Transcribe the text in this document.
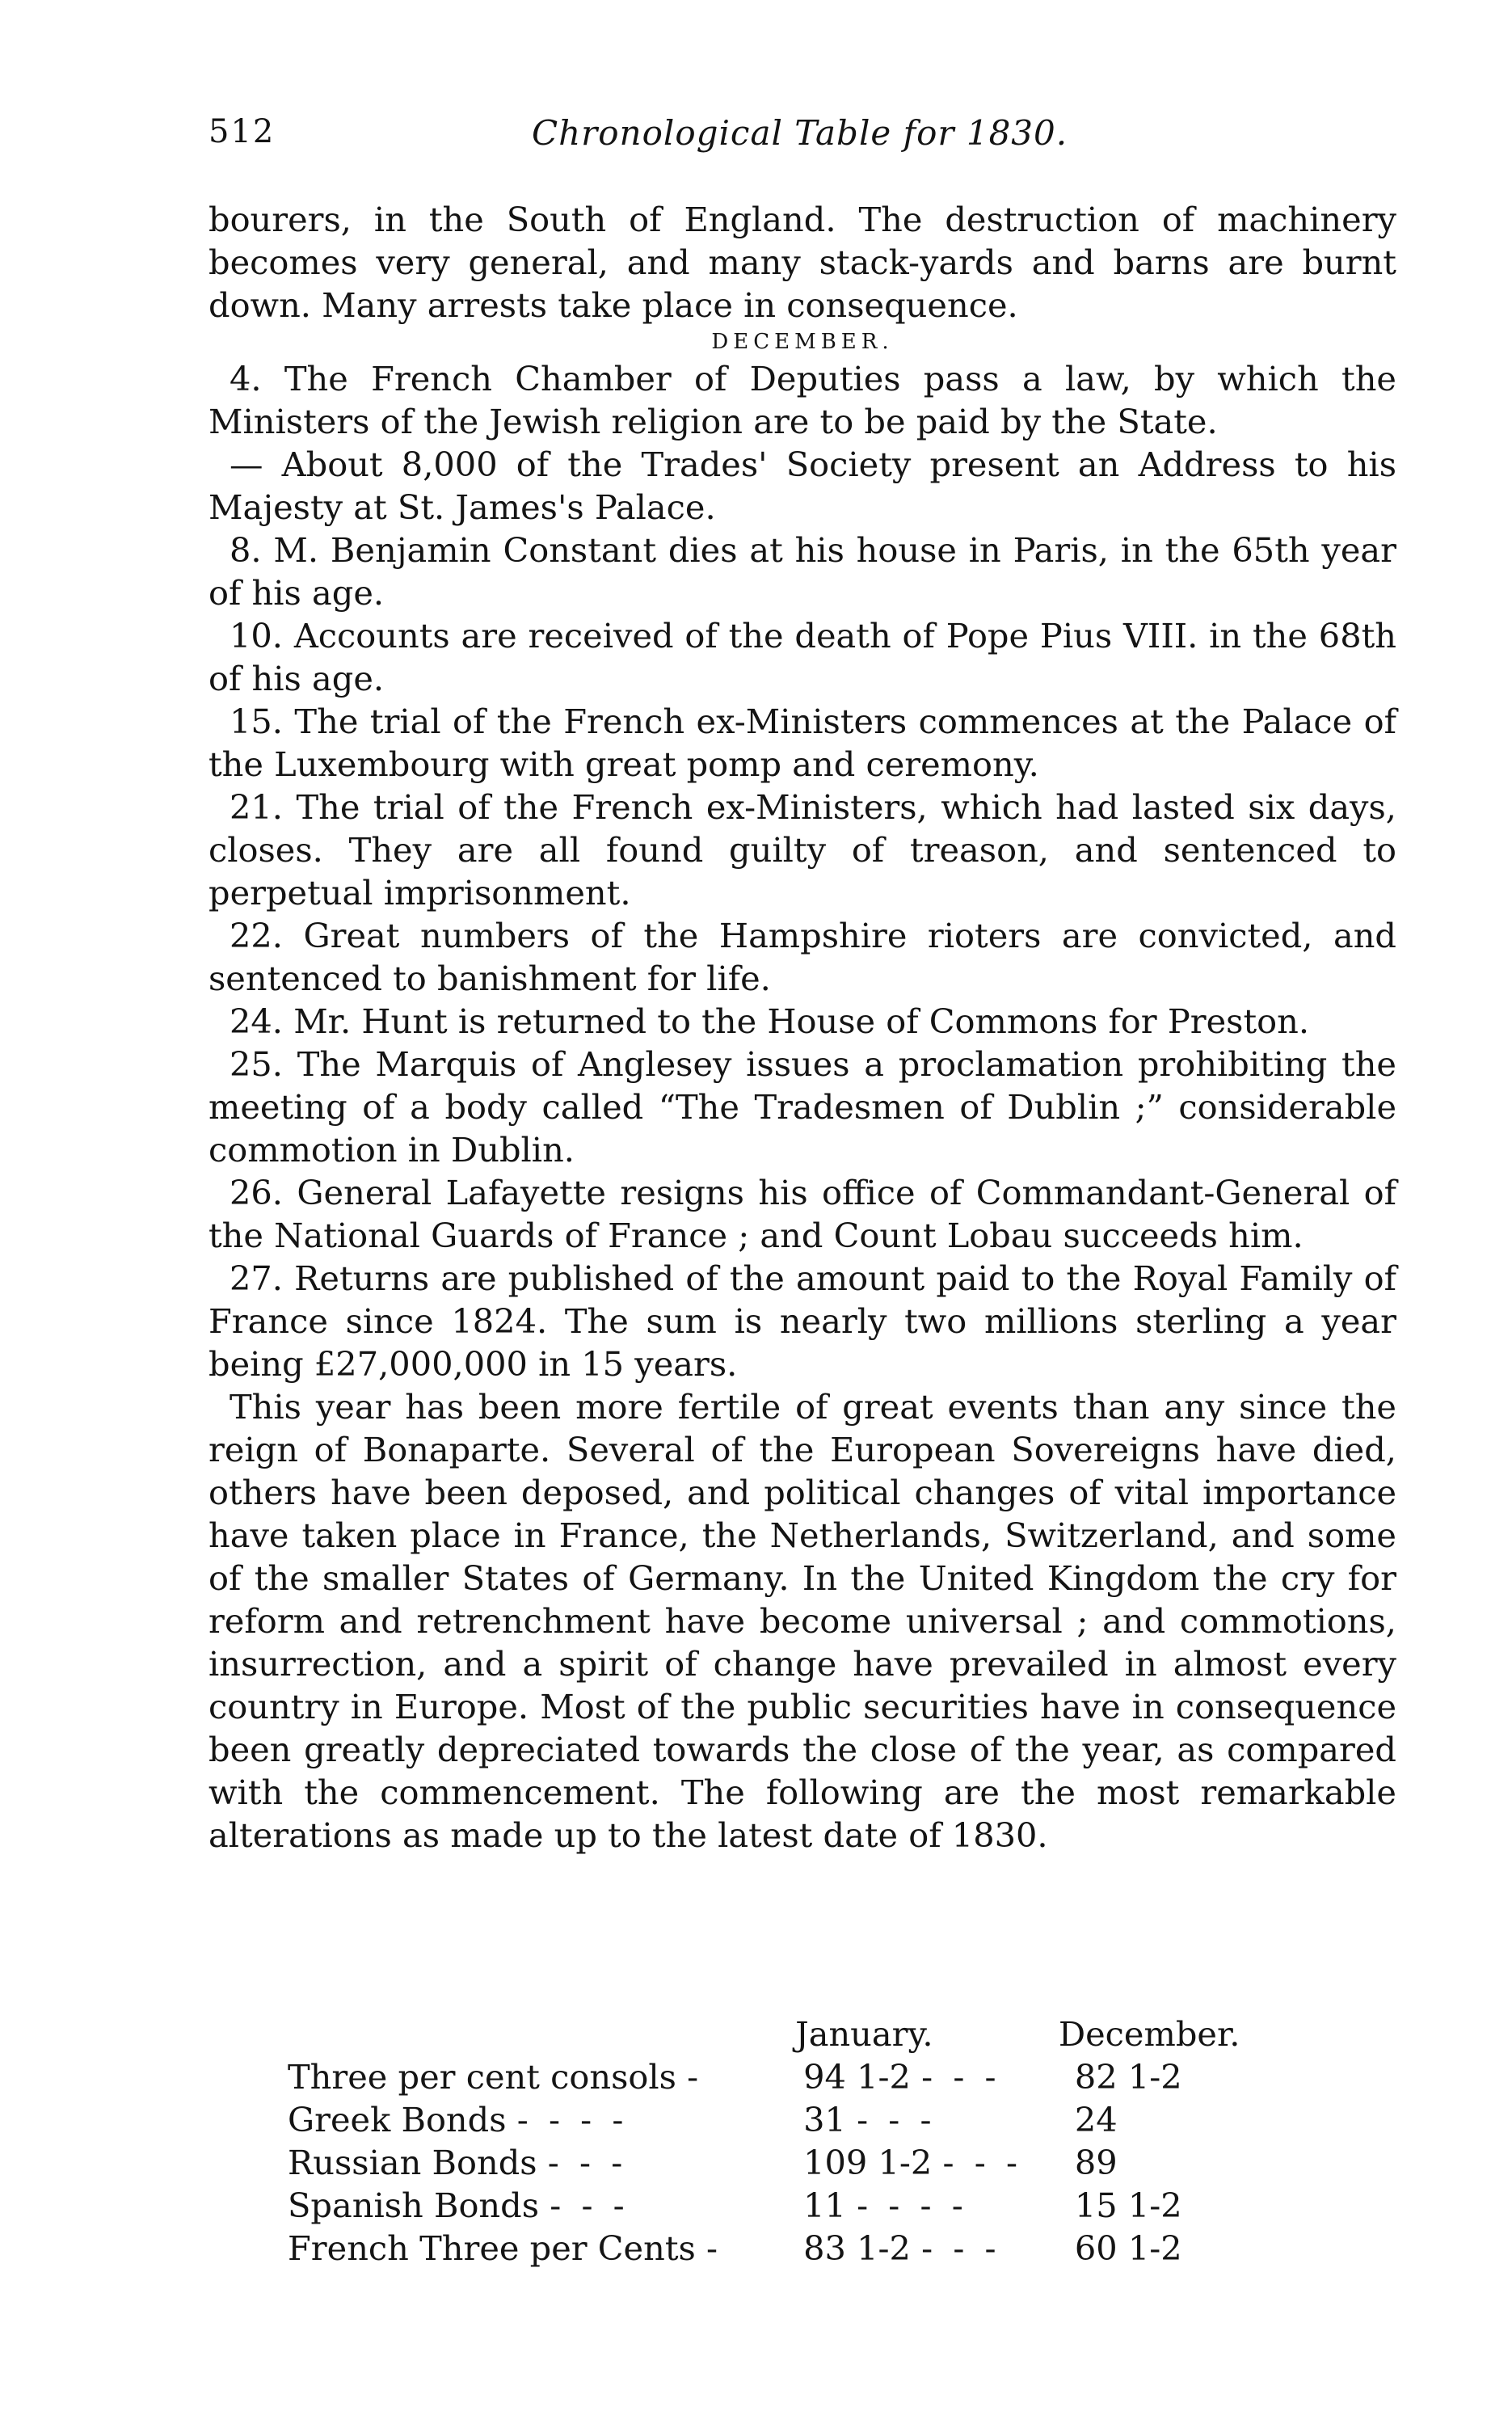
512	Chronological Table for 1830.

bourers, in the South of England. The destruction of machinery becomes very general, and many stack-yards and barns are burnt down. Many arrests take place in consequence.

DECEMBER.

4. The French Chamber of Deputies pass a law, by which the Ministers of the Jewish religion are to be paid by the State.

— About 8,000 of the Trades' Society present an Address to his Majesty at St. James's Palace.

8. M. Benjamin Constant dies at his house in Paris, in the 65th year of his age.

10. Accounts are received of the death of Pope Pius VIII. in the 68th of his age.

15. The trial of the French ex-Ministers commences at the Palace of the Luxembourg with great pomp and ceremony.

21. The trial of the French ex-Ministers, which had lasted six days, closes. They are all found guilty of treason, and sentenced to perpetual imprisonment.

22. Great numbers of the Hampshire rioters are convicted, and sentenced to banishment for life.

24. Mr. Hunt is returned to the House of Commons for Preston.

25. The Marquis of Anglesey issues a proclamation prohibiting the meeting of a body called “The Tradesmen of Dublin ;” considerable commotion in Dublin.

26. General Lafayette resigns his office of Commandant-General of the National Guards of France ; and Count Lobau succeeds him.

27. Returns are published of the amount paid to the Royal Family of France since 1824. The sum is nearly two millions sterling a year being £27,000,000 in 15 years.

This year has been more fertile of great events than any since the reign of Bonaparte. Several of the European Sovereigns have died, others have been deposed, and political changes of vital importance have taken place in France, the Netherlands, Switzerland, and some of the smaller States of Germany. In the United Kingdom the cry for reform and retrenchment have become universal ; and commotions, insurrection, and a spirit of change have prevailed in almost every country in Europe. Most of the public securities have in consequence been greatly depreciated towards the close of the year, as compared with the commencement. The following are the most remarkable alterations as made up to the latest date of 1830.

	January.	December.
Three per cent consols -	94 1-2 - - -	82 1-2
Greek Bonds - - - -	31 - - -	24
Russian Bonds - - -	109 1-2 - - -	89
Spanish Bonds - - -	11 - - - -	15 1-2
French Three per Cents -	83 1-2 - - -	60 1-2
